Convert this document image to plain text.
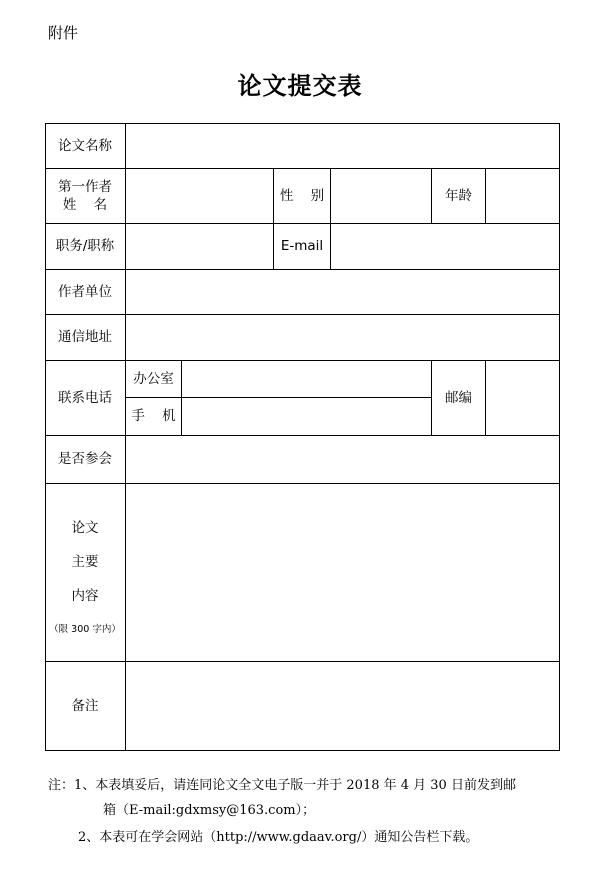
附件
论文提交表
论文名称
第一作者
姓    名
性    别	年龄
职务/职称	E-mail
作者单位
通信地址
联系电话
办公室
手    机
邮编
是否参会
论文
主要
内容
（限 300 字内）
备注
注：1、本表填妥后，请连同论文全文电子版一并于 2018 年 4 月 30 日前发到邮
箱（E-mail:gdxmsy@163.com）；
2、本表可在学会网站（http://www.gdaav.org/）通知公告栏下载。
